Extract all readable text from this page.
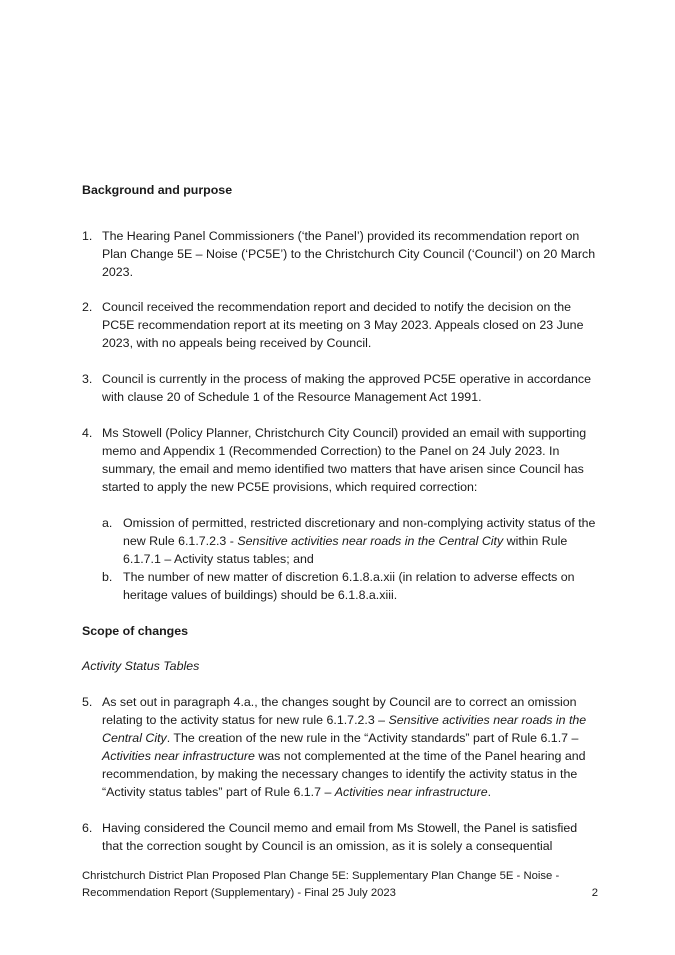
Background and purpose
1. The Hearing Panel Commissioners (‘the Panel’) provided its recommendation report on Plan Change 5E – Noise (‘PC5E’) to the Christchurch City Council (‘Council’) on 20 March 2023.
2. Council received the recommendation report and decided to notify the decision on the PC5E recommendation report at its meeting on 3 May 2023. Appeals closed on 23 June 2023, with no appeals being received by Council.
3. Council is currently in the process of making the approved PC5E operative in accordance with clause 20 of Schedule 1 of the Resource Management Act 1991.
4. Ms Stowell (Policy Planner, Christchurch City Council) provided an email with supporting memo and Appendix 1 (Recommended Correction) to the Panel on 24 July 2023. In summary, the email and memo identified two matters that have arisen since Council has started to apply the new PC5E provisions, which required correction:
a. Omission of permitted, restricted discretionary and non-complying activity status of the new Rule 6.1.7.2.3 - Sensitive activities near roads in the Central City within Rule 6.1.7.1 – Activity status tables; and
b. The number of new matter of discretion 6.1.8.a.xii (in relation to adverse effects on heritage values of buildings) should be 6.1.8.a.xiii.
Scope of changes
Activity Status Tables
5. As set out in paragraph 4.a., the changes sought by Council are to correct an omission relating to the activity status for new rule 6.1.7.2.3 – Sensitive activities near roads in the Central City. The creation of the new rule in the “Activity standards” part of Rule 6.1.7 – Activities near infrastructure was not complemented at the time of the Panel hearing and recommendation, by making the necessary changes to identify the activity status in the “Activity status tables” part of Rule 6.1.7 – Activities near infrastructure.
6. Having considered the Council memo and email from Ms Stowell, the Panel is satisfied that the correction sought by Council is an omission, as it is solely a consequential
Christchurch District Plan Proposed Plan Change 5E: Supplementary Plan Change 5E - Noise -
Recommendation Report (Supplementary) - Final 25 July 2023	2
